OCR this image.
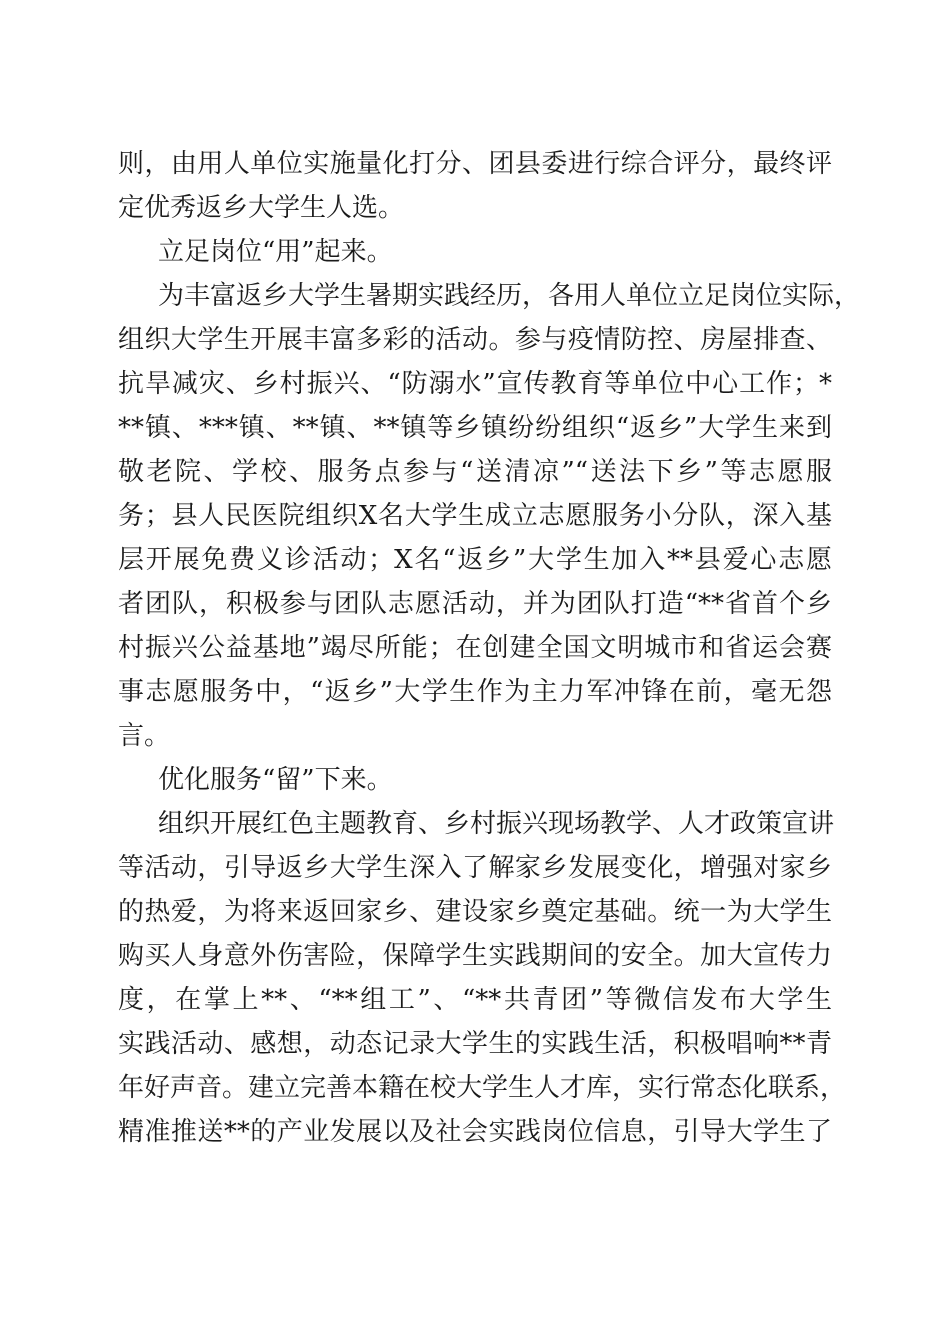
则，由用人单位实施量化打分、团县委进行综合评分，最终评
定优秀返乡大学生人选。
立足岗位“用”起来。
为丰富返乡大学生暑期实践经历，各用人单位立足岗位实际，
组织大学生开展丰富多彩的活动。参与疫情防控、房屋排查、
抗旱减灾、乡村振兴、“防溺水”宣传教育等单位中心工作；*
**镇、***镇、**镇、**镇等乡镇纷纷组织“返乡”大学生来到
敬老院、学校、服务点参与“送清凉”“送法下乡”等志愿服
务；县人民医院组织X名大学生成立志愿服务小分队，深入基
层开展免费义诊活动；X名“返乡”大学生加入**县爱心志愿
者团队，积极参与团队志愿活动，并为团队打造“**省首个乡
村振兴公益基地”竭尽所能；在创建全国文明城市和省运会赛
事志愿服务中，“返乡”大学生作为主力军冲锋在前，毫无怨
言。
优化服务“留”下来。
组织开展红色主题教育、乡村振兴现场教学、人才政策宣讲
等活动，引导返乡大学生深入了解家乡发展变化，增强对家乡
的热爱，为将来返回家乡、建设家乡奠定基础。统一为大学生
购买人身意外伤害险，保障学生实践期间的安全。加大宣传力
度，在掌上**、“**组工”、“**共青团”等微信发布大学生
实践活动、感想，动态记录大学生的实践生活，积极唱响**青
年好声音。建立完善本籍在校大学生人才库，实行常态化联系，
精准推送**的产业发展以及社会实践岗位信息，引导大学生了
